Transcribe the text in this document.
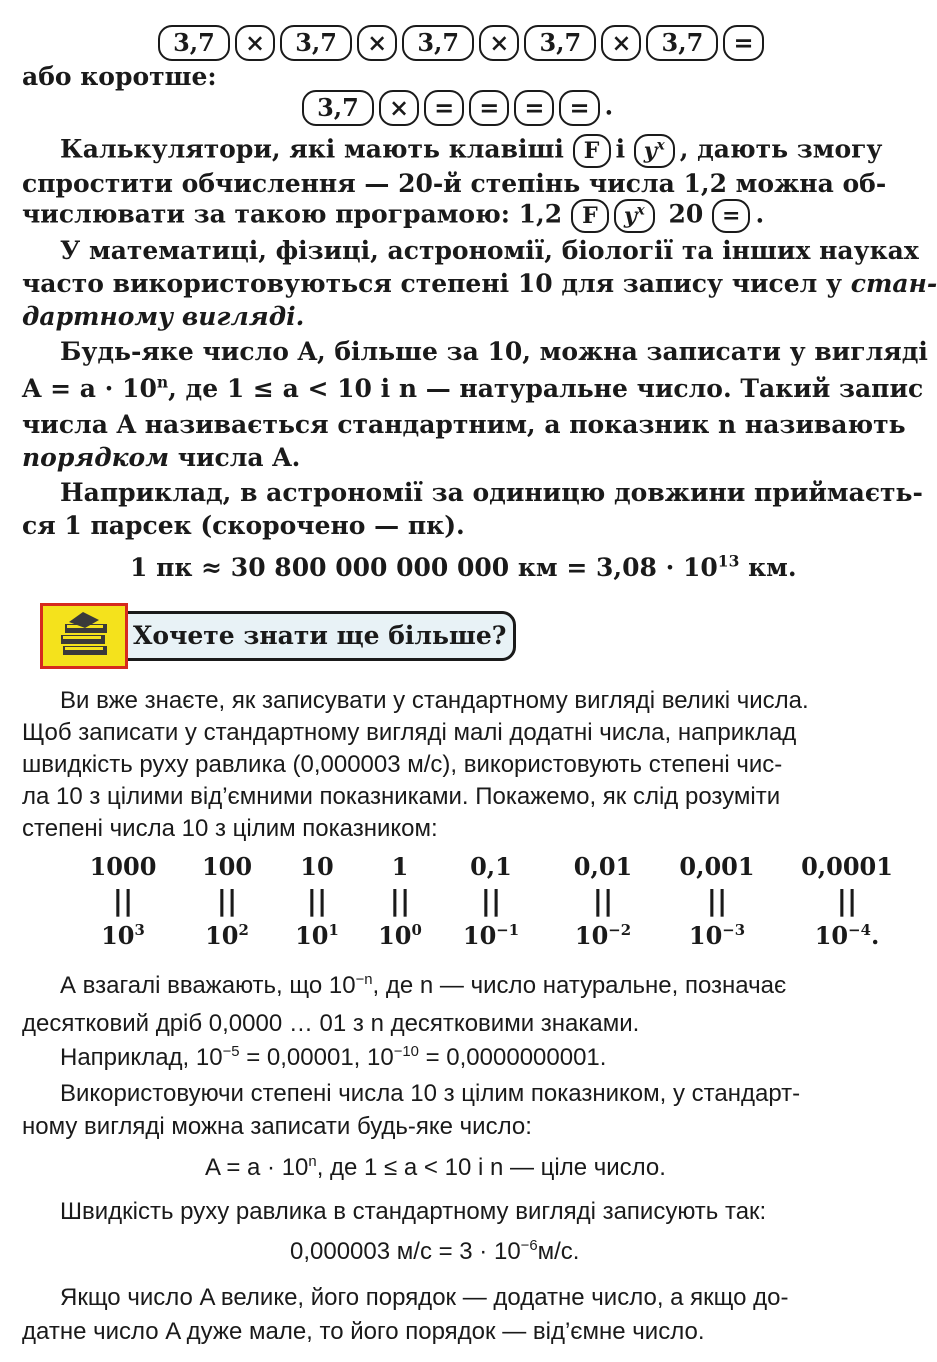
3,7 × 3,7 × 3,7 × 3,7 × 3,7 =
або коротше:
3,7 × = = = = .
Калькулятори, які мають клавіші F і $y^x$ , дають змогу
спростити обчислення — 20-й степінь числа 1,2 можна об-
числювати за такою програмою: 1,2 F $y^x$ 20 = .
У математиці, фізиці, астрономії, біології та інших науках
часто використовуються степені 10 для запису чисел у стан-
дартному вигляді.
Будь-яке число A, більше за 10, можна записати у вигляді
$A = a \cdot 10^n$, де 1 ≤ a < 10 і n — натуральне число. Такий запис
числа A називається стандартним, а показник n називають
порядком числа A.
Наприклад, в астрономії за одиницю довжини приймаєть-
ся 1 парсек (скорочено — пк).
1 пк ≈ 30 800 000 000 000 км = $3,08 \cdot 10^{13}$ км.
Хочете знати ще більше?
Ви вже знаєте, як записувати у стандартному вигляді великі числа.
Щоб записати у стандартному вигляді малі додатні числа, наприклад
швидкість руху равлика (0,000003 м/с), використовують степені чис-
ла 10 з цілими від’ємними показниками. Покажемо, як слід розуміти
степені числа 10 з цілим показником:
1000
||
$10^3$
100
||
$10^2$
10
||
$10^1$
1
||
$10^0$
0,1
||
$10^{-1}$
0,01
||
$10^{-2}$
0,001
||
$10^{-3}$
0,0001
||
$10^{-4}$.
А взагалі вважають, що $10^{-n}$, де n — число натуральне, позначає
десятковий дріб 0,0000 … 01 з n десятковими знаками.
Наприклад, $10^{-5} = 0,00001$, $10^{-10} = 0,0000000001$.
Використовуючи степені числа 10 з цілим показником, у стандарт-
ному вигляді можна записати будь-яке число:
$A = a \cdot 10^n$, де 1 ≤ a < 10 і n — ціле число.
Швидкість руху равлика в стандартному вигляді записують так:
0,000003 $м/с = 3 \cdot 10^{-6}м/с$.
Якщо число A велике, його порядок — додатне число, а якщо до-
датне число A дуже мале, то його порядок — від’ємне число.
